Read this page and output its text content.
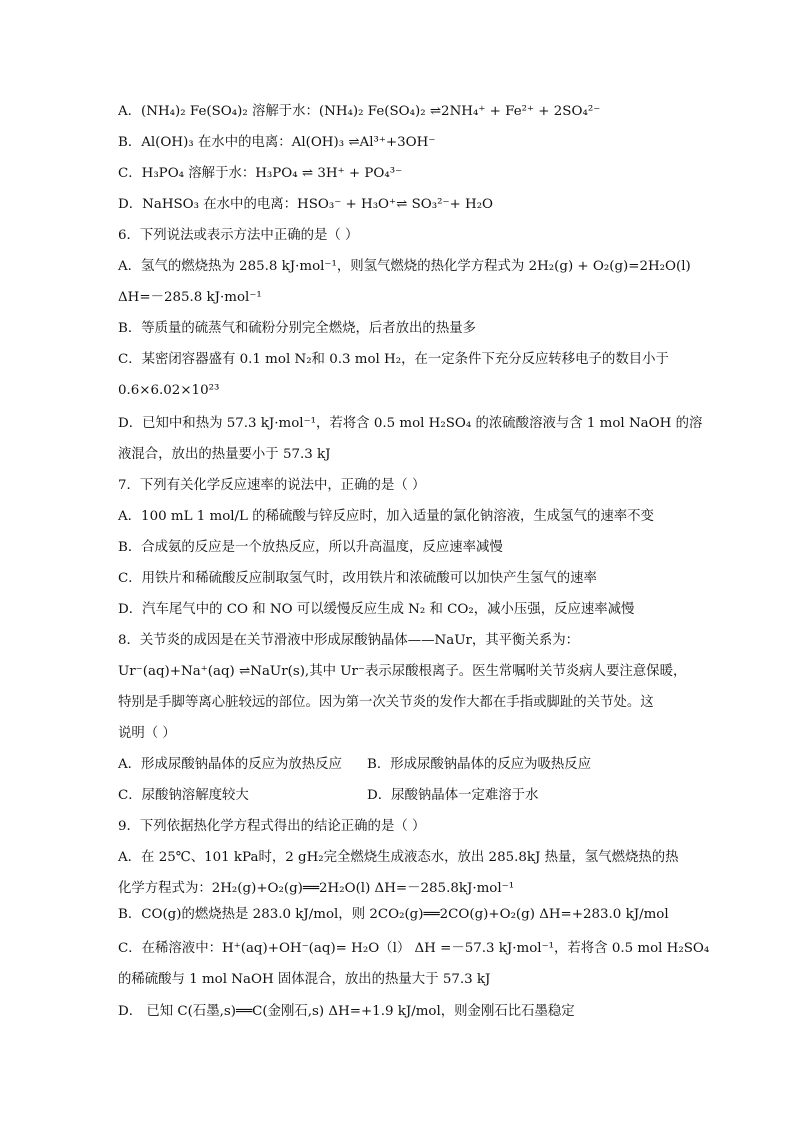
A．(NH₄)₂ Fe(SO₄)₂ 溶解于水：(NH₄)₂ Fe(SO₄)₂ ⇌2NH₄⁺ + Fe²⁺ + 2SO₄²⁻
B．Al(OH)₃ 在水中的电离：Al(OH)₃ ⇌Al³⁺+3OH⁻
C．H₃PO₄ 溶解于水：H₃PO₄ ⇌ 3H⁺ + PO₄³⁻
D．NaHSO₃ 在水中的电离：HSO₃⁻ + H₃O⁺⇌ SO₃²⁻+ H₂O
6．下列说法或表示方法中正确的是（ ）
A．氢气的燃烧热为 285.8 kJ·mol⁻¹，则氢气燃烧的热化学方程式为 2H₂(g) + O₂(g)=2H₂O(l)
ΔH=－285.8 kJ·mol⁻¹
B．等质量的硫蒸气和硫粉分别完全燃烧，后者放出的热量多
C．某密闭容器盛有 0.1 mol N₂和 0.3 mol H₂，在一定条件下充分反应转移电子的数目小于
0.6×6.02×10²³
D．已知中和热为 57.3 kJ·mol⁻¹，若将含 0.5 mol H₂SO₄ 的浓硫酸溶液与含 1 mol NaOH 的溶
液混合，放出的热量要小于 57.3 kJ
7．下列有关化学反应速率的说法中，正确的是（ ）
A．100 mL 1 mol/L 的稀硫酸与锌反应时，加入适量的氯化钠溶液，生成氢气的速率不变
B．合成氨的反应是一个放热反应，所以升高温度，反应速率减慢
C．用铁片和稀硫酸反应制取氢气时，改用铁片和浓硫酸可以加快产生氢气的速率
D．汽车尾气中的 CO 和 NO 可以缓慢反应生成 N₂ 和 CO₂，减小压强，反应速率减慢
8．关节炎的成因是在关节滑液中形成尿酸钠晶体——NaUr，其平衡关系为：
Ur⁻(aq)+Na⁺(aq) ⇌NaUr(s),其中 Ur⁻表示尿酸根离子。医生常嘱咐关节炎病人要注意保暖，
特别是手脚等离心脏较远的部位。因为第一次关节炎的发作大都在手指或脚趾的关节处。这
说明（ ）
A．形成尿酸钠晶体的反应为放热反应 B．形成尿酸钠晶体的反应为吸热反应
C．尿酸钠溶解度较大	D．尿酸钠晶体一定难溶于水
9．下列依据热化学方程式得出的结论正确的是（ ）
A．在 25℃、101 kPa时，2 gH₂完全燃烧生成液态水，放出 285.8kJ 热量，氢气燃烧热的热
化学方程式为：2H₂(g)+O₂(g)══2H₂O(l) ΔH=－285.8kJ·mol⁻¹
B．CO(g)的燃烧热是 283.0 kJ/mol，则 2CO₂(g)══2CO(g)+O₂(g) ΔH=+283.0 kJ/mol
C．在稀溶液中：H⁺(aq)+OH⁻(aq)= H₂O（l） ΔH =－57.3 kJ·mol⁻¹，若将含 0.5 mol H₂SO₄
的稀硫酸与 1 mol NaOH 固体混合，放出的热量大于 57.3 kJ
D． 已知 C(石墨,s)══C(金刚石,s) ΔH=+1.9 kJ/mol，则金刚石比石墨稳定
